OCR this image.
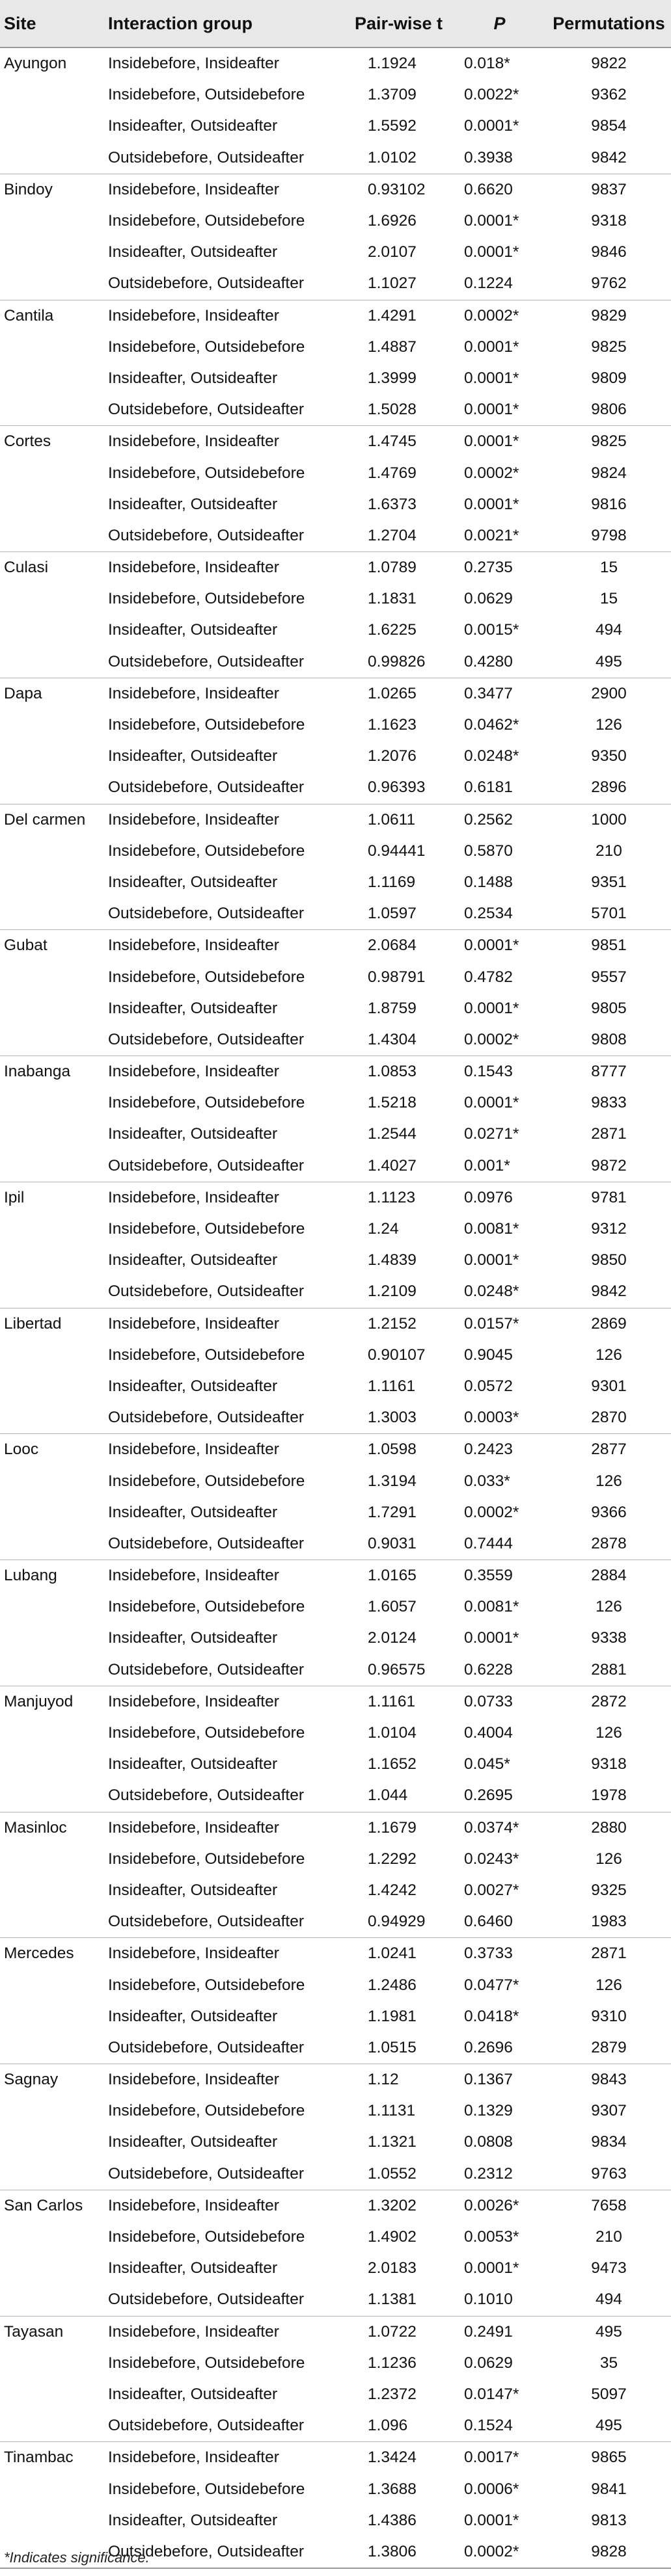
Site	Interaction group	Pair-wise t	P	Permutations
Ayungon	Insidebefore, Insideafter	1.1924	0.018*	9822
	Insidebefore, Outsidebefore	1.3709	0.0022*	9362
	Insideafter, Outsideafter	1.5592	0.0001*	9854
	Outsidebefore, Outsideafter	1.0102	0.3938	9842
Bindoy	Insidebefore, Insideafter	0.93102	0.6620	9837
	Insidebefore, Outsidebefore	1.6926	0.0001*	9318
	Insideafter, Outsideafter	2.0107	0.0001*	9846
	Outsidebefore, Outsideafter	1.1027	0.1224	9762
Cantila	Insidebefore, Insideafter	1.4291	0.0002*	9829
	Insidebefore, Outsidebefore	1.4887	0.0001*	9825
	Insideafter, Outsideafter	1.3999	0.0001*	9809
	Outsidebefore, Outsideafter	1.5028	0.0001*	9806
Cortes	Insidebefore, Insideafter	1.4745	0.0001*	9825
	Insidebefore, Outsidebefore	1.4769	0.0002*	9824
	Insideafter, Outsideafter	1.6373	0.0001*	9816
	Outsidebefore, Outsideafter	1.2704	0.0021*	9798
Culasi	Insidebefore, Insideafter	1.0789	0.2735	15
	Insidebefore, Outsidebefore	1.1831	0.0629	15
	Insideafter, Outsideafter	1.6225	0.0015*	494
	Outsidebefore, Outsideafter	0.99826	0.4280	495
Dapa	Insidebefore, Insideafter	1.0265	0.3477	2900
	Insidebefore, Outsidebefore	1.1623	0.0462*	126
	Insideafter, Outsideafter	1.2076	0.0248*	9350
	Outsidebefore, Outsideafter	0.96393	0.6181	2896
Del carmen	Insidebefore, Insideafter	1.0611	0.2562	1000
	Insidebefore, Outsidebefore	0.94441	0.5870	210
	Insideafter, Outsideafter	1.1169	0.1488	9351
	Outsidebefore, Outsideafter	1.0597	0.2534	5701
Gubat	Insidebefore, Insideafter	2.0684	0.0001*	9851
	Insidebefore, Outsidebefore	0.98791	0.4782	9557
	Insideafter, Outsideafter	1.8759	0.0001*	9805
	Outsidebefore, Outsideafter	1.4304	0.0002*	9808
Inabanga	Insidebefore, Insideafter	1.0853	0.1543	8777
	Insidebefore, Outsidebefore	1.5218	0.0001*	9833
	Insideafter, Outsideafter	1.2544	0.0271*	2871
	Outsidebefore, Outsideafter	1.4027	0.001*	9872
Ipil	Insidebefore, Insideafter	1.1123	0.0976	9781
	Insidebefore, Outsidebefore	1.24	0.0081*	9312
	Insideafter, Outsideafter	1.4839	0.0001*	9850
	Outsidebefore, Outsideafter	1.2109	0.0248*	9842
Libertad	Insidebefore, Insideafter	1.2152	0.0157*	2869
	Insidebefore, Outsidebefore	0.90107	0.9045	126
	Insideafter, Outsideafter	1.1161	0.0572	9301
	Outsidebefore, Outsideafter	1.3003	0.0003*	2870
Looc	Insidebefore, Insideafter	1.0598	0.2423	2877
	Insidebefore, Outsidebefore	1.3194	0.033*	126
	Insideafter, Outsideafter	1.7291	0.0002*	9366
	Outsidebefore, Outsideafter	0.9031	0.7444	2878
Lubang	Insidebefore, Insideafter	1.0165	0.3559	2884
	Insidebefore, Outsidebefore	1.6057	0.0081*	126
	Insideafter, Outsideafter	2.0124	0.0001*	9338
	Outsidebefore, Outsideafter	0.96575	0.6228	2881
Manjuyod	Insidebefore, Insideafter	1.1161	0.0733	2872
	Insidebefore, Outsidebefore	1.0104	0.4004	126
	Insideafter, Outsideafter	1.1652	0.045*	9318
	Outsidebefore, Outsideafter	1.044	0.2695	1978
Masinloc	Insidebefore, Insideafter	1.1679	0.0374*	2880
	Insidebefore, Outsidebefore	1.2292	0.0243*	126
	Insideafter, Outsideafter	1.4242	0.0027*	9325
	Outsidebefore, Outsideafter	0.94929	0.6460	1983
Mercedes	Insidebefore, Insideafter	1.0241	0.3733	2871
	Insidebefore, Outsidebefore	1.2486	0.0477*	126
	Insideafter, Outsideafter	1.1981	0.0418*	9310
	Outsidebefore, Outsideafter	1.0515	0.2696	2879
Sagnay	Insidebefore, Insideafter	1.12	0.1367	9843
	Insidebefore, Outsidebefore	1.1131	0.1329	9307
	Insideafter, Outsideafter	1.1321	0.0808	9834
	Outsidebefore, Outsideafter	1.0552	0.2312	9763
San Carlos	Insidebefore, Insideafter	1.3202	0.0026*	7658
	Insidebefore, Outsidebefore	1.4902	0.0053*	210
	Insideafter, Outsideafter	2.0183	0.0001*	9473
	Outsidebefore, Outsideafter	1.1381	0.1010	494
Tayasan	Insidebefore, Insideafter	1.0722	0.2491	495
	Insidebefore, Outsidebefore	1.1236	0.0629	35
	Insideafter, Outsideafter	1.2372	0.0147*	5097
	Outsidebefore, Outsideafter	1.096	0.1524	495
Tinambac	Insidebefore, Insideafter	1.3424	0.0017*	9865
	Insidebefore, Outsidebefore	1.3688	0.0006*	9841
	Insideafter, Outsideafter	1.4386	0.0001*	9813
	Outsidebefore, Outsideafter	1.3806	0.0002*	9828
*Indicates significance.
